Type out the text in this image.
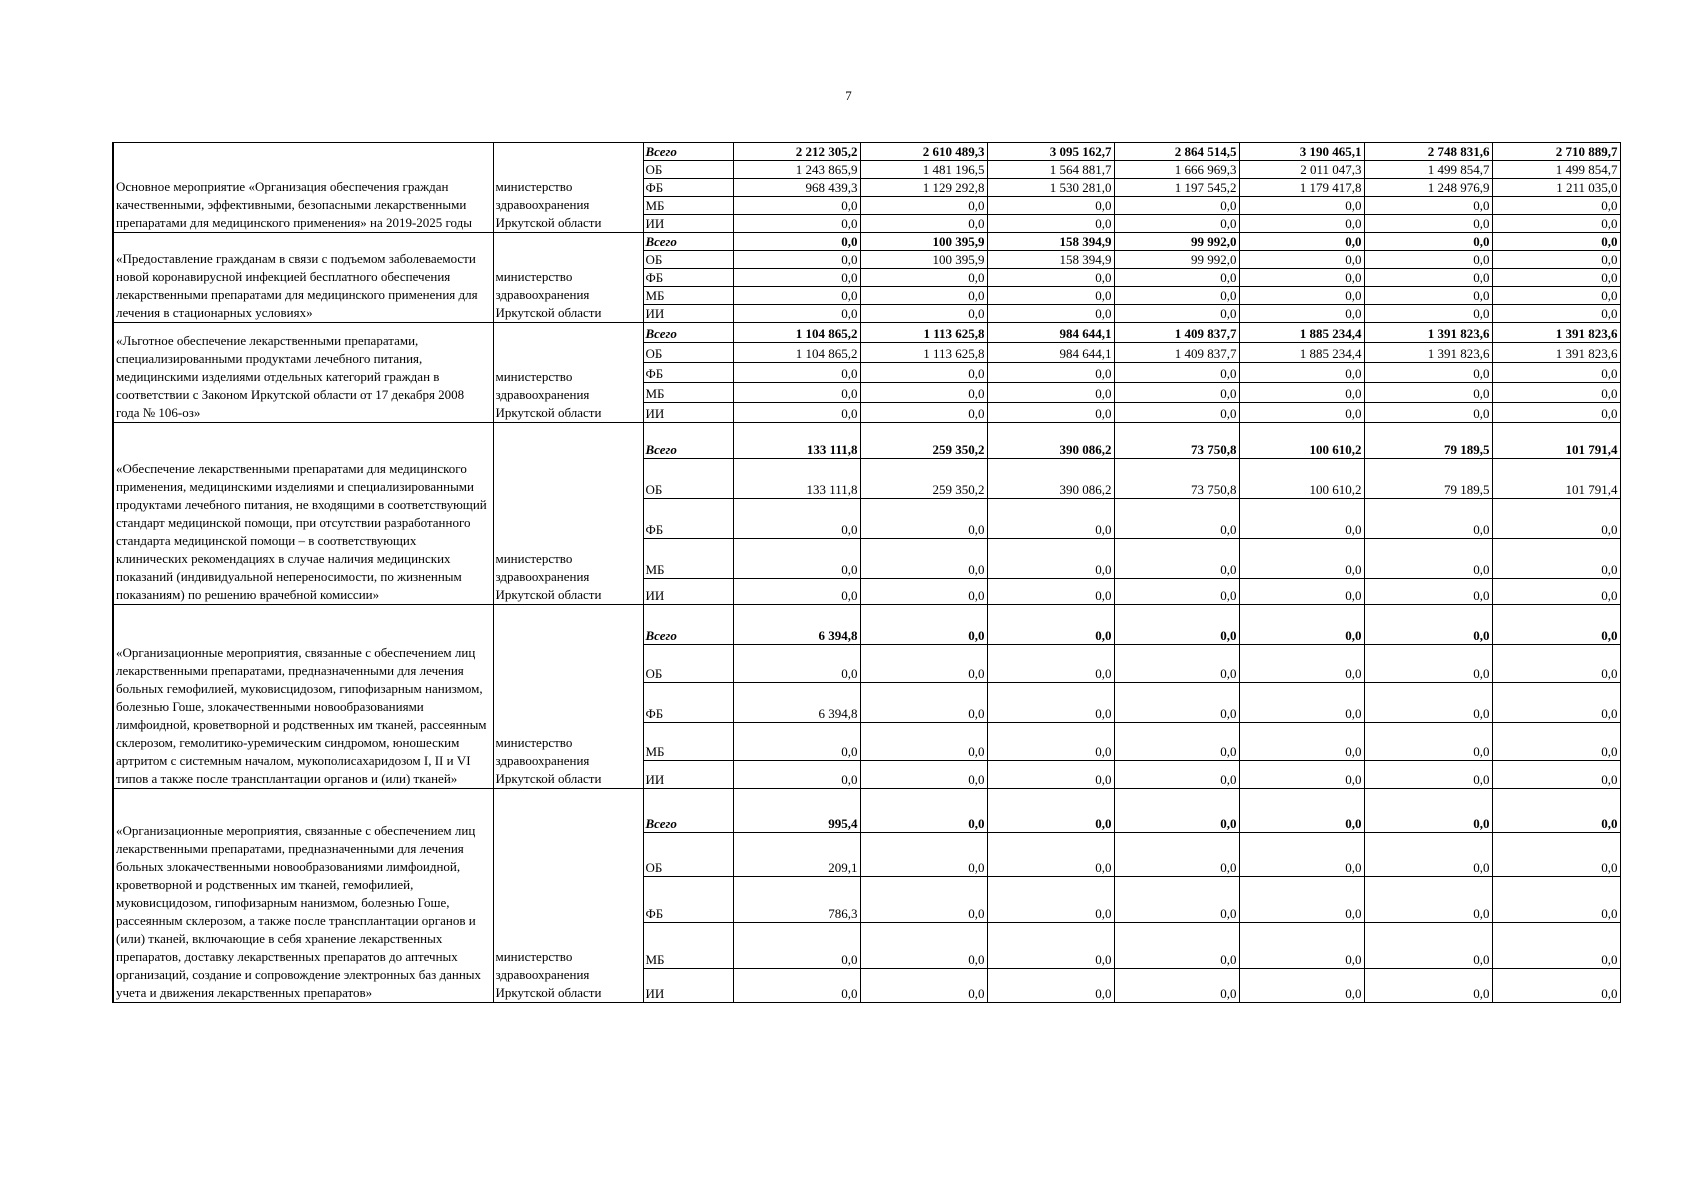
7
Основное мероприятие «Организация обеспечения граждан качественными, эффективными, безопасными лекарственными препаратами для медицинского применения» на 2019-2025 годы	министерство здравоохранения Иркутской области	Всего	2 212 305,2	2 610 489,3	3 095 162,7	2 864 514,5	3 190 465,1	2 748 831,6	2 710 889,7
		ОБ	1 243 865,9	1 481 196,5	1 564 881,7	1 666 969,3	2 011 047,3	1 499 854,7	1 499 854,7
		ФБ	968 439,3	1 129 292,8	1 530 281,0	1 197 545,2	1 179 417,8	1 248 976,9	1 211 035,0
		МБ	0,0	0,0	0,0	0,0	0,0	0,0	0,0
		ИИ	0,0	0,0	0,0	0,0	0,0	0,0	0,0
«Предоставление гражданам в связи с подъемом заболеваемости новой коронавирусной инфекцией бесплатного обеспечения лекарственными препаратами для медицинского применения для лечения в стационарных условиях»	министерство здравоохранения Иркутской области	Всего	0,0	100 395,9	158 394,9	99 992,0	0,0	0,0	0,0
		ОБ	0,0	100 395,9	158 394,9	99 992,0	0,0	0,0	0,0
		ФБ	0,0	0,0	0,0	0,0	0,0	0,0	0,0
		МБ	0,0	0,0	0,0	0,0	0,0	0,0	0,0
		ИИ	0,0	0,0	0,0	0,0	0,0	0,0	0,0
«Льготное обеспечение лекарственными препаратами, специализированными продуктами лечебного питания, медицинскими изделиями отдельных категорий граждан в соответствии с Законом Иркутской области от 17 декабря 2008 года № 106-оз»	министерство здравоохранения Иркутской области	Всего	1 104 865,2	1 113 625,8	984 644,1	1 409 837,7	1 885 234,4	1 391 823,6	1 391 823,6
		ОБ	1 104 865,2	1 113 625,8	984 644,1	1 409 837,7	1 885 234,4	1 391 823,6	1 391 823,6
		ФБ	0,0	0,0	0,0	0,0	0,0	0,0	0,0
		МБ	0,0	0,0	0,0	0,0	0,0	0,0	0,0
		ИИ	0,0	0,0	0,0	0,0	0,0	0,0	0,0
«Обеспечение лекарственными препаратами для медицинского применения, медицинскими изделиями и специализированными продуктами лечебного питания, не входящими в соответствующий стандарт медицинской помощи, при отсутствии разработанного стандарта медицинской помощи – в соответствующих клинических рекомендациях в случае наличия медицинских показаний (индивидуальной непереносимости, по жизненным показаниям) по решению врачебной комиссии»	министерство здравоохранения Иркутской области	Всего	133 111,8	259 350,2	390 086,2	73 750,8	100 610,2	79 189,5	101 791,4
		ОБ	133 111,8	259 350,2	390 086,2	73 750,8	100 610,2	79 189,5	101 791,4
		ФБ	0,0	0,0	0,0	0,0	0,0	0,0	0,0
		МБ	0,0	0,0	0,0	0,0	0,0	0,0	0,0
		ИИ	0,0	0,0	0,0	0,0	0,0	0,0	0,0
«Организационные мероприятия, связанные с обеспечением лиц лекарственными препаратами, предназначенными для лечения больных гемофилией, муковисцидозом, гипофизарным нанизмом, болезнью Гоше, злокачественными новообразованиями лимфоидной, кроветворной и родственных им тканей, рассеянным склерозом, гемолитико-уремическим синдромом, юношеским артритом с системным началом, мукополисахаридозом I, II и VI типов а также после трансплантации органов и (или) тканей»	министерство здравоохранения Иркутской области	Всего	6 394,8	0,0	0,0	0,0	0,0	0,0	0,0
		ОБ	0,0	0,0	0,0	0,0	0,0	0,0	0,0
		ФБ	6 394,8	0,0	0,0	0,0	0,0	0,0	0,0
		МБ	0,0	0,0	0,0	0,0	0,0	0,0	0,0
		ИИ	0,0	0,0	0,0	0,0	0,0	0,0	0,0
«Организационные мероприятия, связанные с обеспечением лиц лекарственными препаратами, предназначенными для лечения больных злокачественными новообразованиями лимфоидной, кроветворной и родственных им тканей, гемофилией, муковисцидозом, гипофизарным нанизмом, болезнью Гоше, рассеянным склерозом, а также после трансплантации органов и (или) тканей, включающие в себя хранение лекарственных препаратов, доставку лекарственных препаратов до аптечных организаций, создание и сопровождение электронных баз данных учета и движения лекарственных препаратов»	министерство здравоохранения Иркутской области	Всего	995,4	0,0	0,0	0,0	0,0	0,0	0,0
		ОБ	209,1	0,0	0,0	0,0	0,0	0,0	0,0
		ФБ	786,3	0,0	0,0	0,0	0,0	0,0	0,0
		МБ	0,0	0,0	0,0	0,0	0,0	0,0	0,0
		ИИ	0,0	0,0	0,0	0,0	0,0	0,0	0,0
